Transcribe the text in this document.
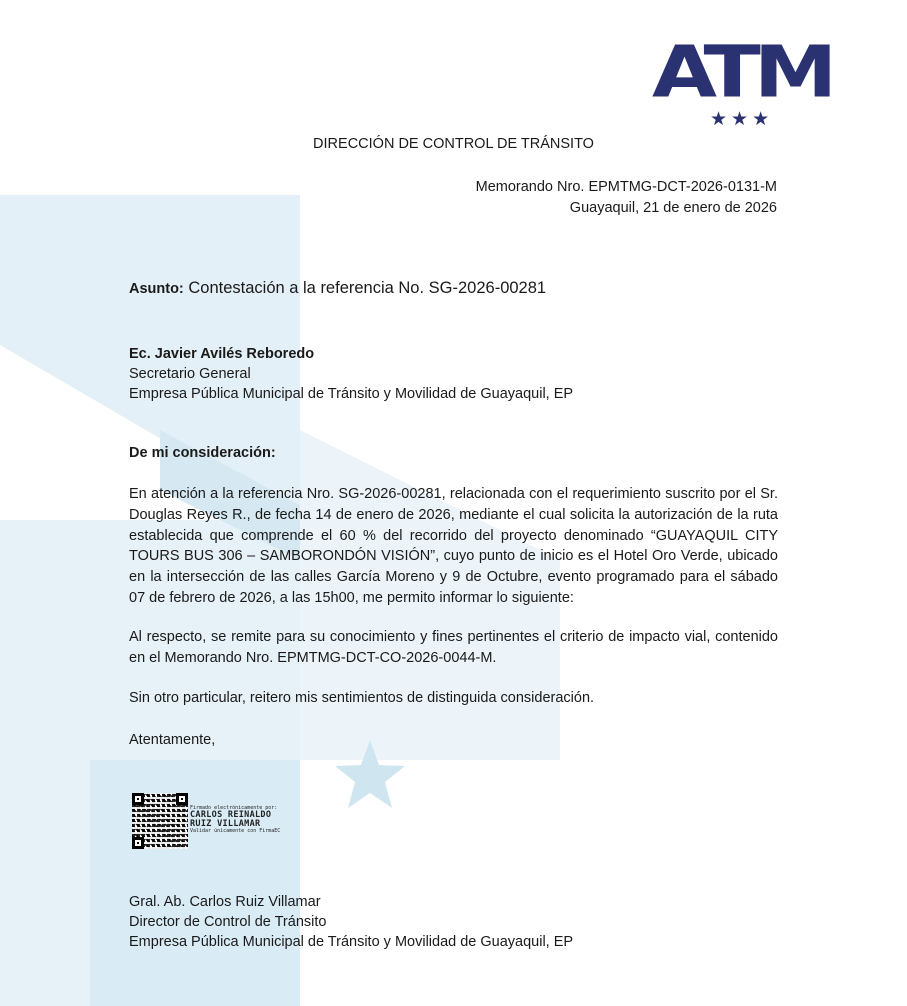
ATM
★★★
DIRECCIÓN DE CONTROL DE TRÁNSITO
Memorando Nro. EPMTMG-DCT-2026-0131-M
Guayaquil, 21 de enero de 2026
Asunto: Contestación a la referencia No. SG-2026-00281
Ec. Javier Avilés Reboredo
Secretario General
Empresa Pública Municipal de Tránsito y Movilidad de Guayaquil, EP
De mi consideración:
En atención a la referencia Nro. SG-2026-00281, relacionada con el requerimiento suscrito por el Sr. Douglas Reyes R., de fecha 14 de enero de 2026, mediante el cual solicita la autorización de la ruta establecida que comprende el 60 % del recorrido del proyecto denominado “GUAYAQUIL CITY TOURS BUS 306 – SAMBORONDÓN VISIÓN”, cuyo punto de inicio es el Hotel Oro Verde, ubicado en la intersección de las calles García Moreno y 9 de Octubre, evento programado para el sábado 07 de febrero de 2026, a las 15h00, me permito informar lo siguiente:
Al respecto, se remite para su conocimiento y fines pertinentes el criterio de impacto vial, contenido en el Memorando Nro. EPMTMG-DCT-CO-2026-0044-M.
Sin otro particular, reitero mis sentimientos de distinguida consideración.
Atentamente,
Firmado electrónicamente por:
CARLOS REINALDO
RUIZ VILLAMAR
Validar únicamente con FirmaEC
Gral. Ab. Carlos Ruiz Villamar
Director de Control de Tránsito
Empresa Pública Municipal de Tránsito y Movilidad de Guayaquil, EP
